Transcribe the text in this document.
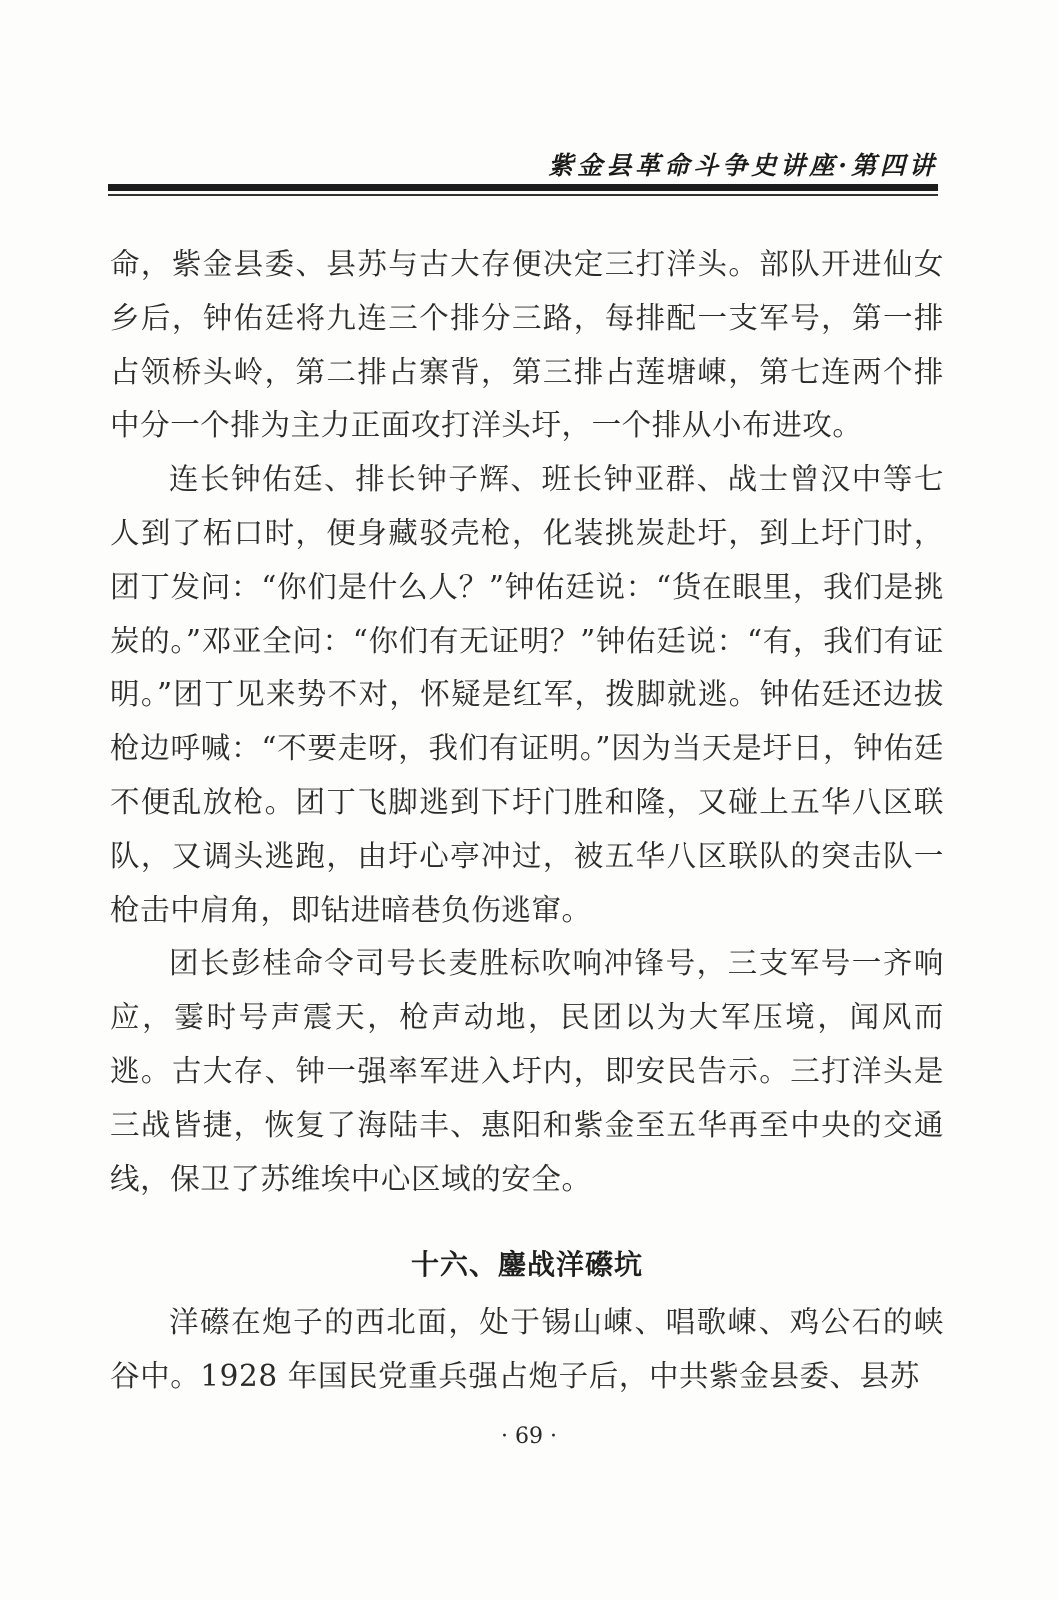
紫金县革命斗争史讲座·第四讲

命，紫金县委、县苏与古大存便决定三打洋头。部队开进仙女乡后，钟佑廷将九连三个排分三路，每排配一支军号，第一排占领桥头岭，第二排占寨背，第三排占莲塘崠，第七连两个排中分一个排为主力正面攻打洋头圩，一个排从小布进攻。

连长钟佑廷、排长钟子辉、班长钟亚群、战士曾汉中等七人到了柘口时，便身藏驳壳枪，化装挑炭赴圩，到上圩门时，团丁发问：“你们是什么人？”钟佑廷说：“货在眼里，我们是挑炭的。”邓亚全问：“你们有无证明？”钟佑廷说：“有，我们有证明。”团丁见来势不对，怀疑是红军，拨脚就逃。钟佑廷还边拔枪边呼喊：“不要走呀，我们有证明。”因为当天是圩日，钟佑廷不便乱放枪。团丁飞脚逃到下圩门胜和隆，又碰上五华八区联队，又调头逃跑，由圩心亭冲过，被五华八区联队的突击队一枪击中肩角，即钻进暗巷负伤逃窜。

团长彭桂命令司号长麦胜标吹响冲锋号，三支军号一齐响应，霎时号声震天，枪声动地，民团以为大军压境，闻风而逃。古大存、钟一强率军进入圩内，即安民告示。三打洋头是三战皆捷，恢复了海陆丰、惠阳和紫金至五华再至中央的交通线，保卫了苏维埃中心区域的安全。

十六、鏖战洋礤坑

洋礤在炮子的西北面，处于锡山崠、唱歌崠、鸡公石的峡谷中。1928 年国民党重兵强占炮子后，中共紫金县委、县苏

· 69 ·
